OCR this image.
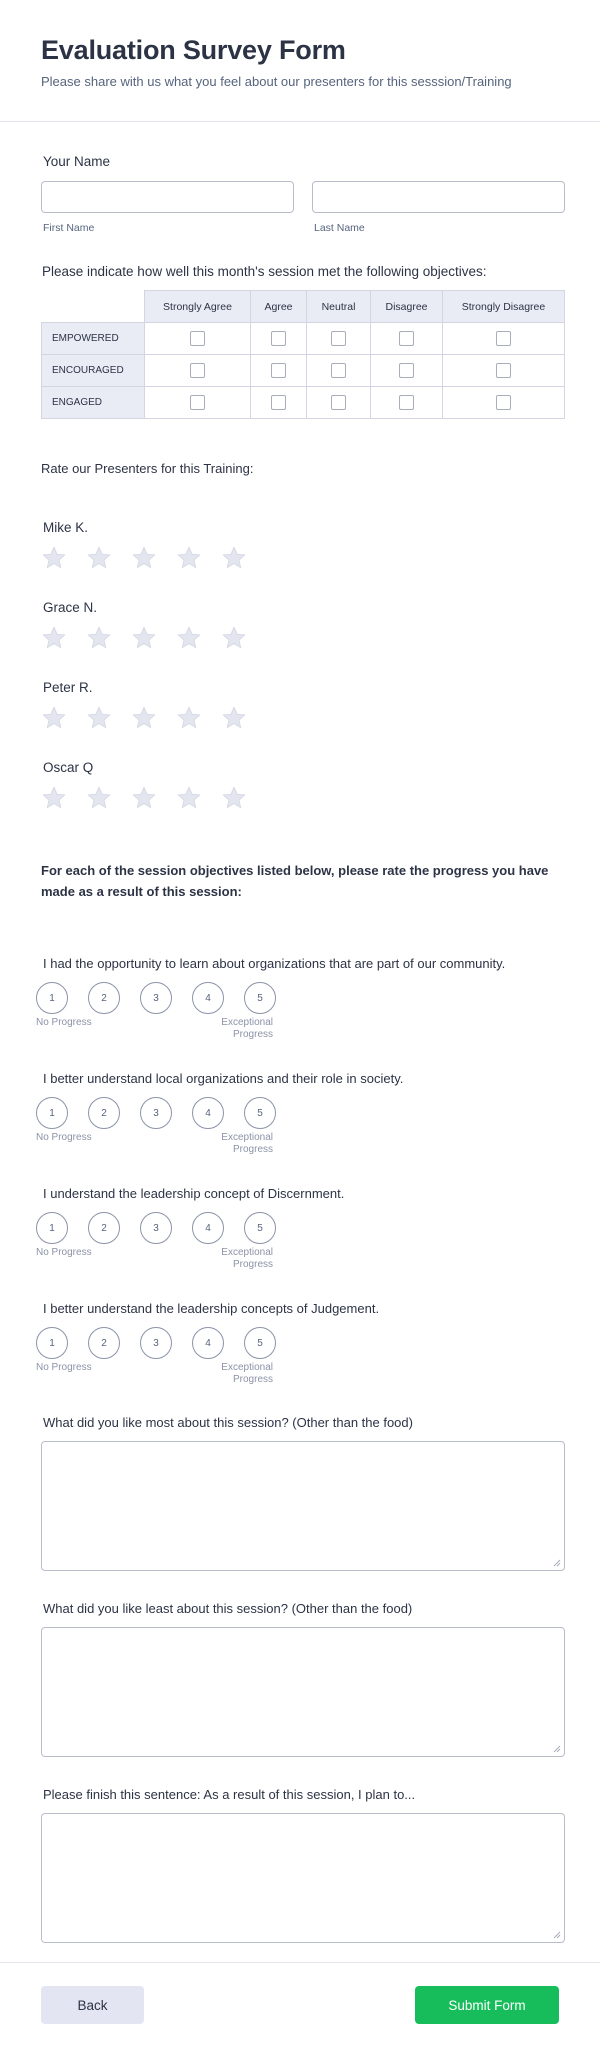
Evaluation Survey Form
Please share with us what you feel about our presenters for this sesssion/Training
Your Name
First Name	Last Name
Please indicate how well this month's session met the following objectives:
	Strongly Agree	Agree	Neutral	Disagree	Strongly Disagree
EMPOWERED					
ENCOURAGED					
ENGAGED					
Rate our Presenters for this Training:
Mike K.
Grace N.
Peter R.
Oscar Q
For each of the session objectives listed below, please rate the progress you have made as a result of this session:
I had the opportunity to learn about organizations that are part of our community.
1	2	3	4	5
No Progress	Exceptional
Progress
I better understand local organizations and their role in society.
1	2	3	4	5
No Progress	Exceptional
Progress
I understand the leadership concept of Discernment.
1	2	3	4	5
No Progress	Exceptional
Progress
I better understand the leadership concepts of Judgement.
1	2	3	4	5
No Progress	Exceptional
Progress
What did you like most about this session? (Other than the food)
What did you like least about this session? (Other than the food)
Please finish this sentence: As a result of this session, I plan to...
Back	Submit Form
